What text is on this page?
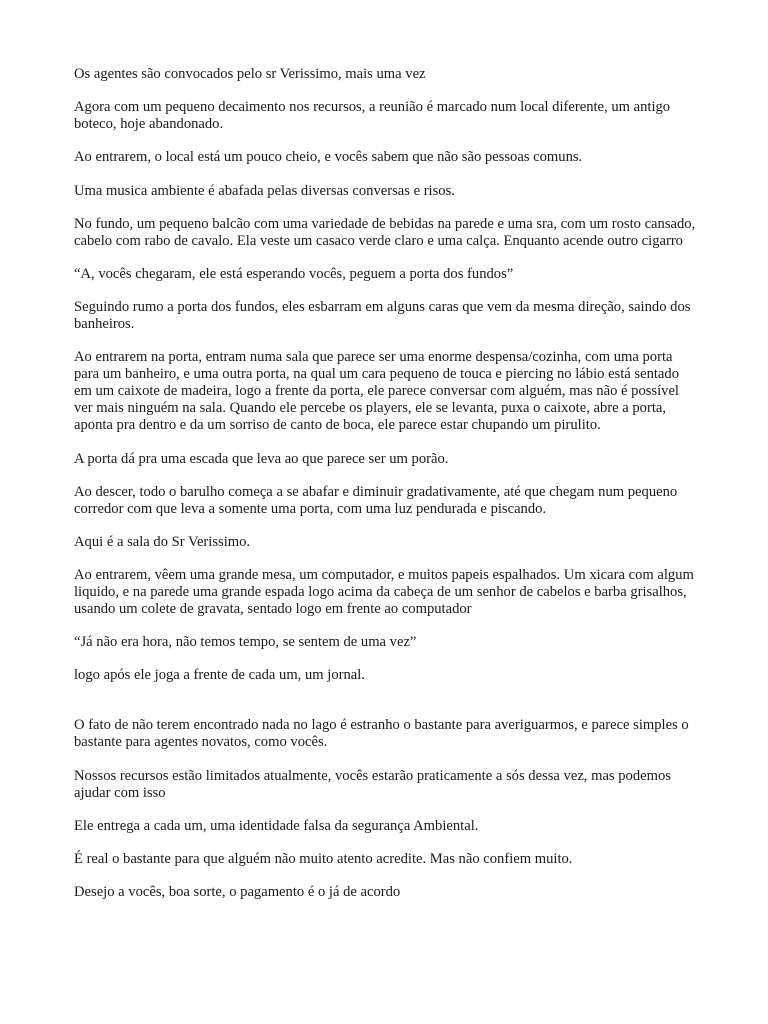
Os agentes são convocados pelo sr Verissimo, mais uma vez

Agora com um pequeno decaimento nos recursos, a reunião é marcado num local diferente, um antigo boteco, hoje abandonado.

Ao entrarem, o local está um pouco cheio, e vocês sabem que não são pessoas comuns.

Uma musica ambiente é abafada pelas diversas conversas e risos.

No fundo, um pequeno balcão com uma variedade de bebidas na parede e uma sra, com um rosto cansado, cabelo com rabo de cavalo. Ela veste um casaco verde claro e uma calça. Enquanto acende outro cigarro

“A, vocês chegaram, ele está esperando vocês, peguem a porta dos fundos”

Seguindo rumo a porta dos fundos, eles esbarram em alguns caras que vem da mesma direção, saindo dos banheiros.

Ao entrarem na porta, entram numa sala que parece ser uma enorme despensa/cozinha, com uma porta para um banheiro, e uma outra porta, na qual um cara pequeno de touca e piercing no lábio está sentado em um caixote de madeira, logo a frente da porta, ele parece conversar com alguém, mas não é possível ver mais ninguém na sala. Quando ele percebe os players, ele se levanta, puxa o caixote, abre a porta, aponta pra dentro e da um sorriso de canto de boca, ele parece estar chupando um pirulito.

A porta dá pra uma escada que leva ao que parece ser um porão.

Ao descer, todo o barulho começa a se abafar e diminuir gradativamente, até que chegam num pequeno corredor com que leva a somente uma porta, com uma luz pendurada e piscando.

Aqui é a sala do Sr Verissimo.

Ao entrarem, vêem uma grande mesa, um computador, e muitos papeis espalhados. Um xicara com algum liquido, e na parede uma grande espada logo acima da cabeça de um senhor de cabelos e barba grisalhos, usando um colete de gravata, sentado logo em frente ao computador

“Já não era hora, não temos tempo, se sentem de uma vez”

logo após ele joga a frente de cada um, um jornal.

O fato de não terem encontrado nada no lago é estranho o bastante para averiguarmos, e parece simples o bastante para agentes novatos, como vocês.

Nossos recursos estão limitados atualmente, vocês estarão praticamente a sós dessa vez, mas podemos ajudar com isso

Ele entrega a cada um, uma identidade falsa da segurança Ambiental.

É real o bastante para que alguém não muito atento acredite. Mas não confiem muito.

Desejo a vocês, boa sorte, o pagamento é o já de acordo
